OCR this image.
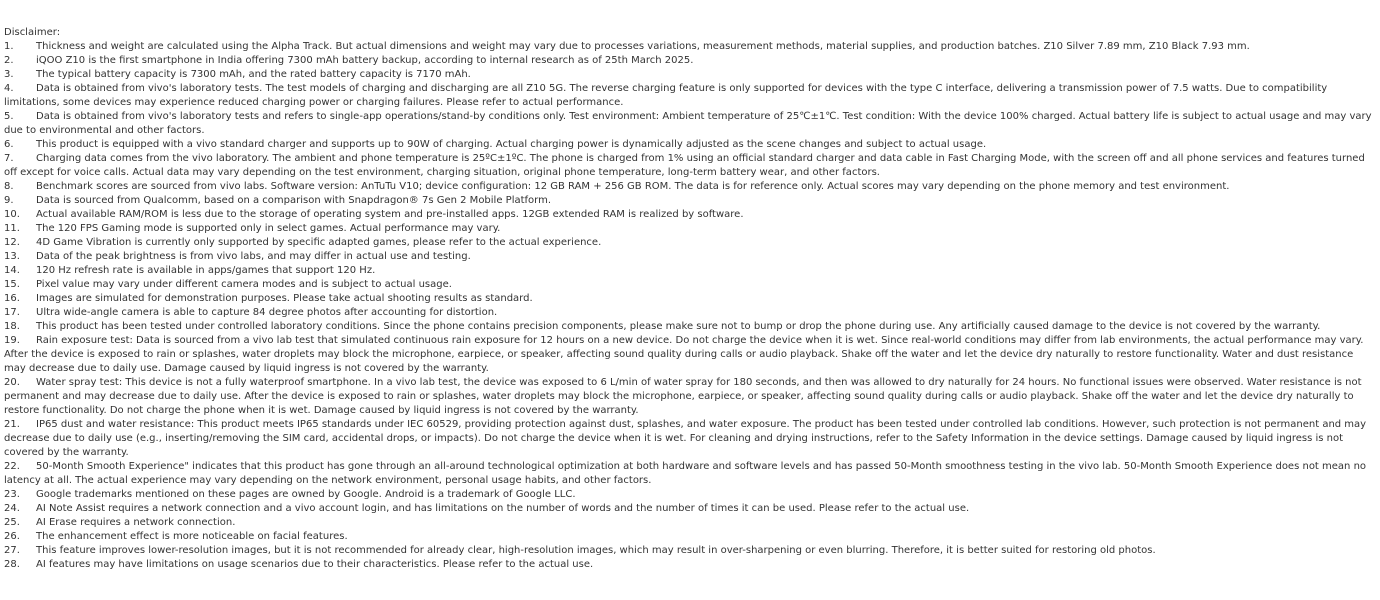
Disclaimer:
1. Thickness and weight are calculated using the Alpha Track. But actual dimensions and weight may vary due to processes variations, measurement methods, material supplies, and production batches. Z10 Silver 7.89 mm, Z10 Black 7.93 mm.
2. iQOO Z10 is the first smartphone in India offering 7300 mAh battery backup, according to internal research as of 25th March 2025.
3. The typical battery capacity is 7300 mAh, and the rated battery capacity is 7170 mAh.
4. Data is obtained from vivo's laboratory tests. The test models of charging and discharging are all Z10 5G. The reverse charging feature is only supported for devices with the type C interface, delivering a transmission power of 7.5 watts. Due to compatibility limitations, some devices may experience reduced charging power or charging failures. Please refer to actual performance.
5. Data is obtained from vivo's laboratory tests and refers to single-app operations/stand-by conditions only. Test environment: Ambient temperature of 25℃±1℃. Test condition: With the device 100% charged. Actual battery life is subject to actual usage and may vary due to environmental and other factors.
6. This product is equipped with a vivo standard charger and supports up to 90W of charging. Actual charging power is dynamically adjusted as the scene changes and subject to actual usage.
7. Charging data comes from the vivo laboratory. The ambient and phone temperature is 25ºC±1ºC. The phone is charged from 1% using an official standard charger and data cable in Fast Charging Mode, with the screen off and all phone services and features turned off except for voice calls. Actual data may vary depending on the test environment, charging situation, original phone temperature, long-term battery wear, and other factors.
8. Benchmark scores are sourced from vivo labs. Software version: AnTuTu V10; device configuration: 12 GB RAM + 256 GB ROM. The data is for reference only. Actual scores may vary depending on the phone memory and test environment.
9. Data is sourced from Qualcomm, based on a comparison with Snapdragon® 7s Gen 2 Mobile Platform.
10. Actual available RAM/ROM is less due to the storage of operating system and pre-installed apps. 12GB extended RAM is realized by software.
11. The 120 FPS Gaming mode is supported only in select games. Actual performance may vary.
12. 4D Game Vibration is currently only supported by specific adapted games, please refer to the actual experience.
13. Data of the peak brightness is from vivo labs, and may differ in actual use and testing.
14. 120 Hz refresh rate is available in apps/games that support 120 Hz.
15. Pixel value may vary under different camera modes and is subject to actual usage.
16. Images are simulated for demonstration purposes. Please take actual shooting results as standard.
17. Ultra wide-angle camera is able to capture 84 degree photos after accounting for distortion.
18. This product has been tested under controlled laboratory conditions. Since the phone contains precision components, please make sure not to bump or drop the phone during use. Any artificially caused damage to the device is not covered by the warranty.
19. Rain exposure test: Data is sourced from a vivo lab test that simulated continuous rain exposure for 12 hours on a new device. Do not charge the device when it is wet. Since real-world conditions may differ from lab environments, the actual performance may vary. After the device is exposed to rain or splashes, water droplets may block the microphone, earpiece, or speaker, affecting sound quality during calls or audio playback. Shake off the water and let the device dry naturally to restore functionality. Water and dust resistance may decrease due to daily use. Damage caused by liquid ingress is not covered by the warranty.
20. Water spray test: This device is not a fully waterproof smartphone. In a vivo lab test, the device was exposed to 6 L/min of water spray for 180 seconds, and then was allowed to dry naturally for 24 hours. No functional issues were observed. Water resistance is not permanent and may decrease due to daily use. After the device is exposed to rain or splashes, water droplets may block the microphone, earpiece, or speaker, affecting sound quality during calls or audio playback. Shake off the water and let the device dry naturally to restore functionality. Do not charge the phone when it is wet. Damage caused by liquid ingress is not covered by the warranty.
21. IP65 dust and water resistance: This product meets IP65 standards under IEC 60529, providing protection against dust, splashes, and water exposure. The product has been tested under controlled lab conditions. However, such protection is not permanent and may decrease due to daily use (e.g., inserting/removing the SIM card, accidental drops, or impacts). Do not charge the device when it is wet. For cleaning and drying instructions, refer to the Safety Information in the device settings. Damage caused by liquid ingress is not covered by the warranty.
22. 50-Month Smooth Experience" indicates that this product has gone through an all-around technological optimization at both hardware and software levels and has passed 50-Month smoothness testing in the vivo lab. 50-Month Smooth Experience does not mean no latency at all. The actual experience may vary depending on the network environment, personal usage habits, and other factors.
23. Google trademarks mentioned on these pages are owned by Google. Android is a trademark of Google LLC.
24. AI Note Assist requires a network connection and a vivo account login, and has limitations on the number of words and the number of times it can be used. Please refer to the actual use.
25. AI Erase requires a network connection.
26. The enhancement effect is more noticeable on facial features.
27. This feature improves lower-resolution images, but it is not recommended for already clear, high-resolution images, which may result in over-sharpening or even blurring. Therefore, it is better suited for restoring old photos.
28. AI features may have limitations on usage scenarios due to their characteristics. Please refer to the actual use.
